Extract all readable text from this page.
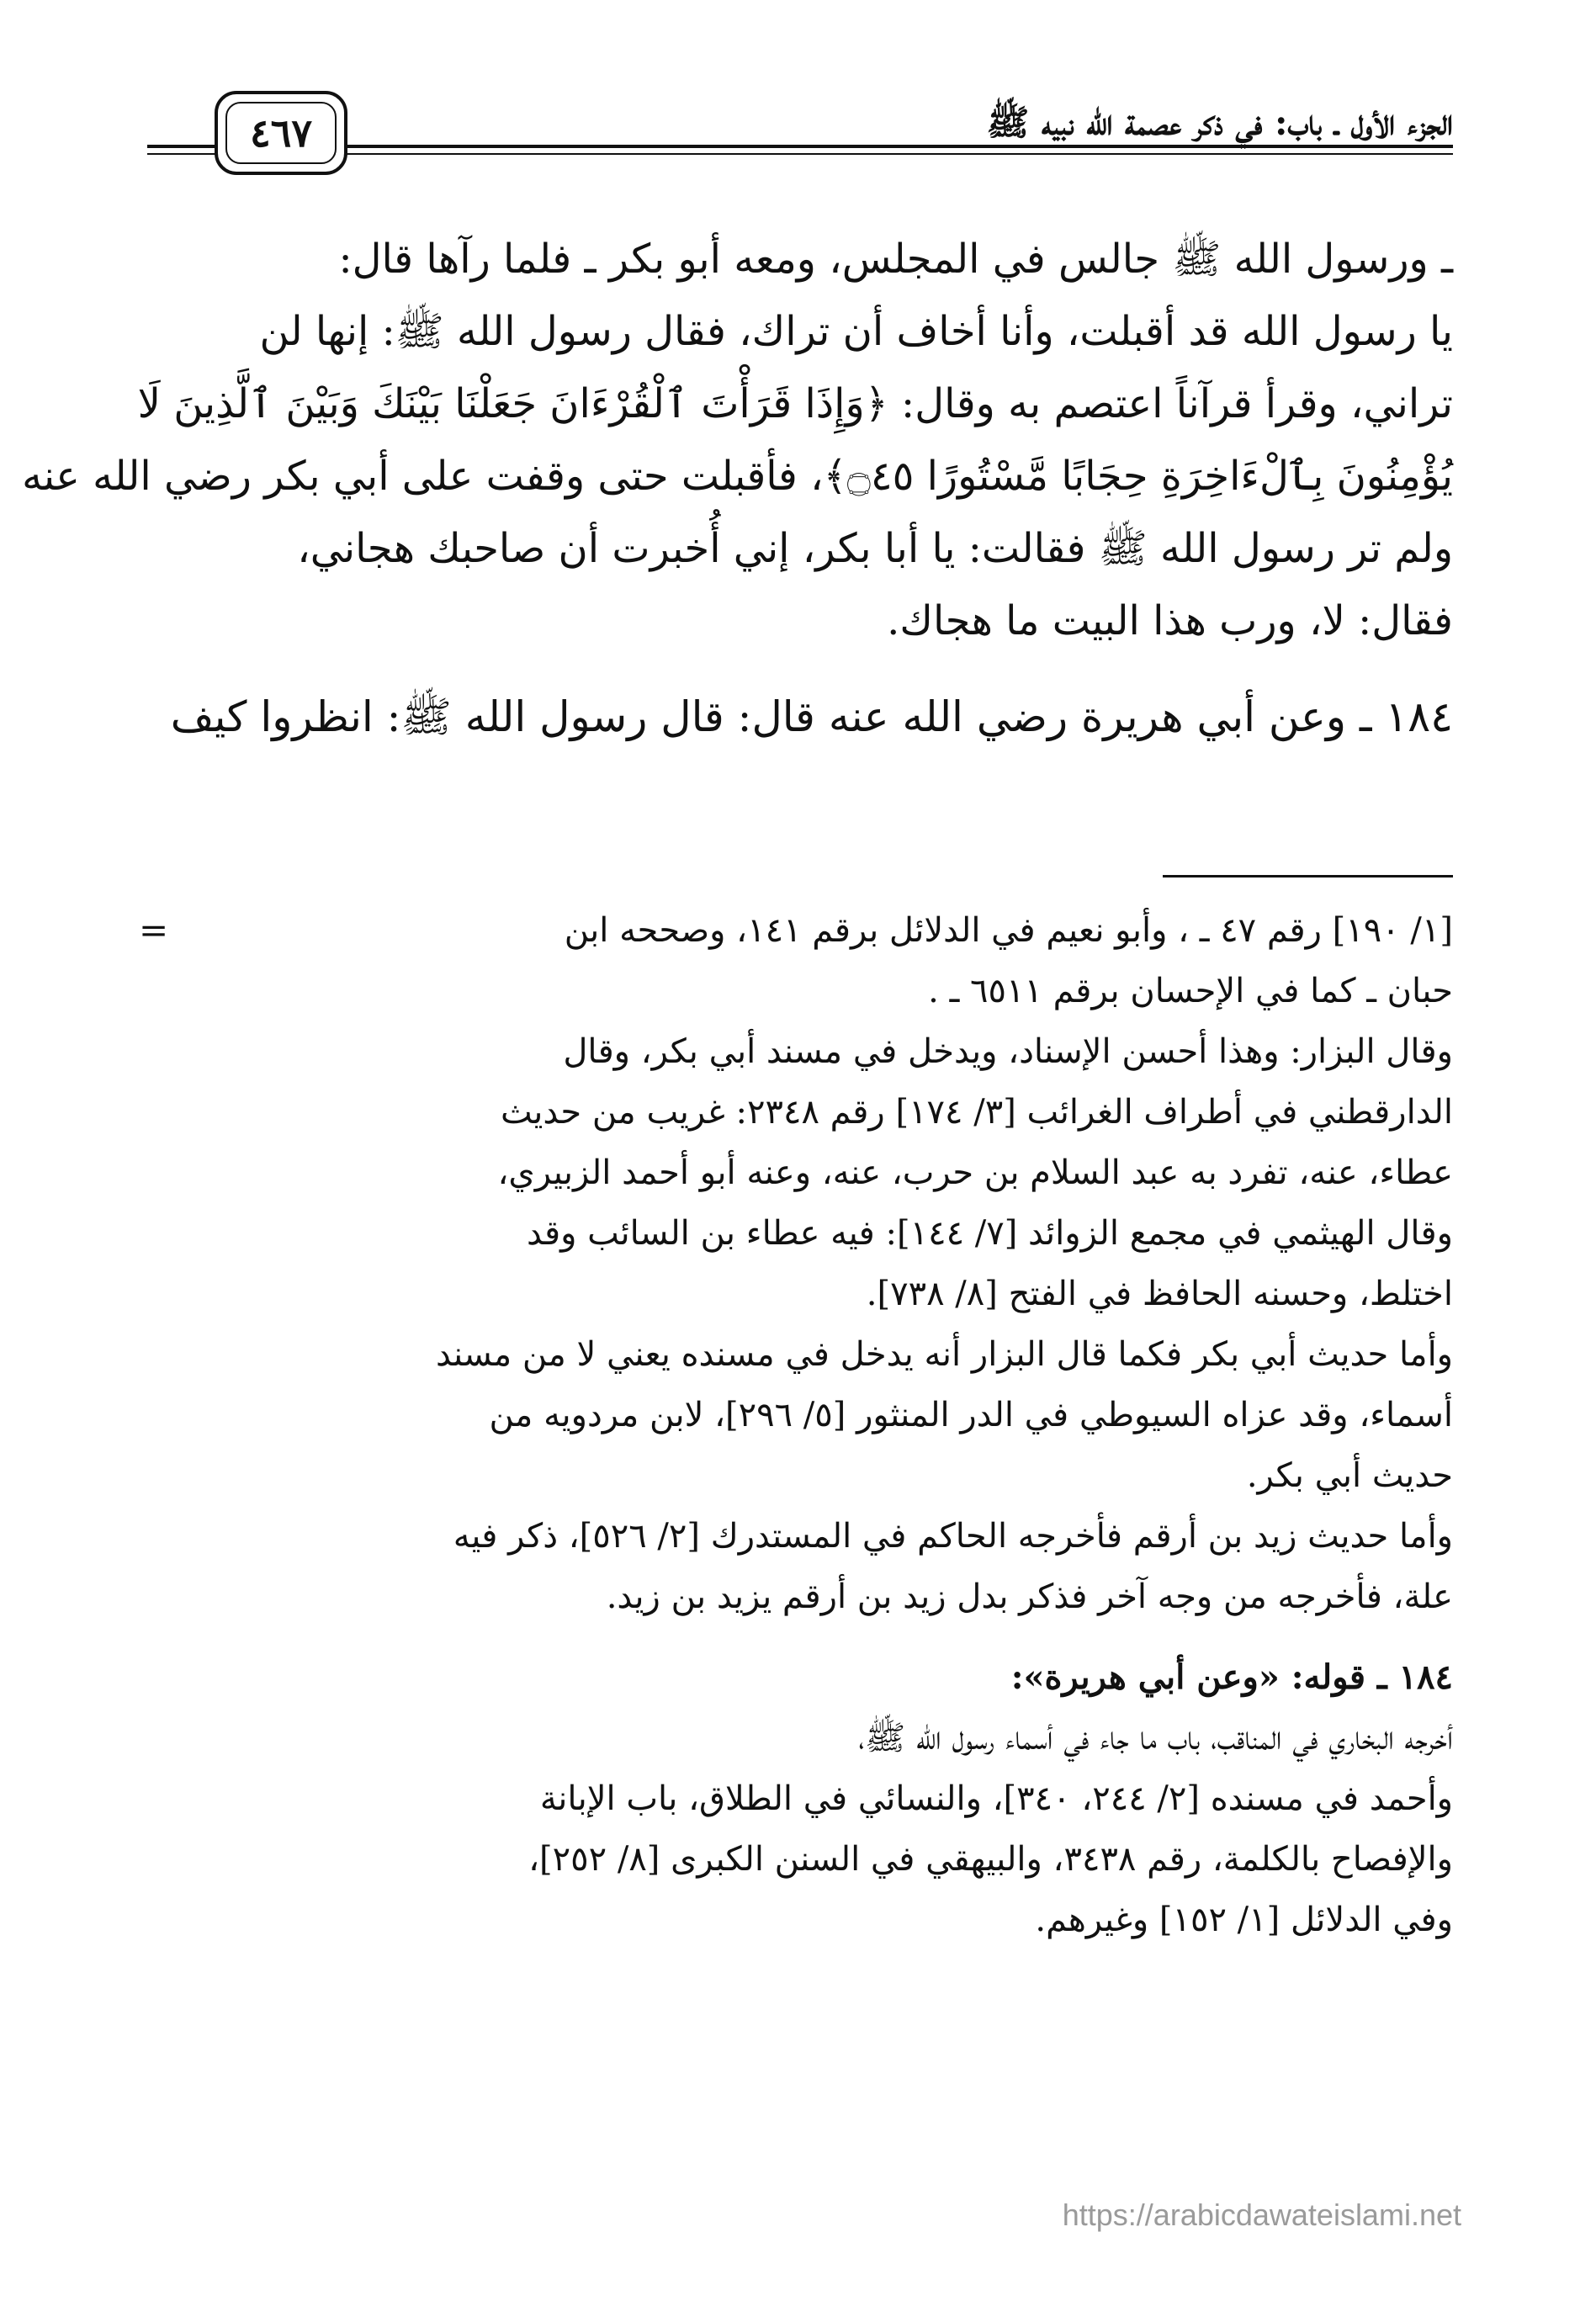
الجزء الأول ـ باب: في ذكر عصمة الله نبيه ﷺ
٤٦٧

ـ ورسول الله ﷺ جالس في المجلس، ومعه أبو بكر ـ فلما رآها قال:

يا رسول الله قد أقبلت، وأنا أخاف أن تراك، فقال رسول الله ﷺ: إنها لن

تراني، وقرأ قرآناً اعتصم به وقال: ﴿وَإِذَا قَرَأْتَ ٱلْقُرْءَانَ جَعَلْنَا بَيْنَكَ وَبَيْنَ ٱلَّذِينَ لَا

يُؤْمِنُونَ بِٱلْءَاخِرَةِ حِجَابًا مَّسْتُورًا ۝٤٥﴾، فأقبلت حتى وقفت على أبي بكر رضي الله عنه

ولم تر رسول الله ﷺ فقالت: يا أبا بكر، إني أُخبرت أن صاحبك هجاني،

فقال: لا، ورب هذا البيت ما هجاك.

١٨٤ ـ وعن أبي هريرة رضي الله عنه قال: قال رسول الله ﷺ: انظروا كيف

=	[١/ ١٩٠] رقم ٤٧ ـ ، وأبو نعيم في الدلائل برقم ١٤١، وصححه ابن

حبان ـ كما في الإحسان برقم ٦٥١١ ـ .

وقال البزار: وهذا أحسن الإسناد، ويدخل في مسند أبي بكر، وقال

الدارقطني في أطراف الغرائب [٣/ ١٧٤] رقم ٢٣٤٨: غريب من حديث

عطاء، عنه، تفرد به عبد السلام بن حرب، عنه، وعنه أبو أحمد الزبيري،

وقال الهيثمي في مجمع الزوائد [٧/ ١٤٤]: فيه عطاء بن السائب وقد

اختلط، وحسنه الحافظ في الفتح [٨/ ٧٣٨].

وأما حديث أبي بكر فكما قال البزار أنه يدخل في مسنده يعني لا من مسند

أسماء، وقد عزاه السيوطي في الدر المنثور [٥/ ٢٩٦]، لابن مردويه من

حديث أبي بكر.

وأما حديث زيد بن أرقم فأخرجه الحاكم في المستدرك [٢/ ٥٢٦]، ذكر فيه

علة، فأخرجه من وجه آخر فذكر بدل زيد بن أرقم يزيد بن زيد.

١٨٤ ـ قوله: «وعن أبي هريرة»:

أخرجه البخاري في المناقب، باب ما جاء في أسماء رسول الله ﷺ،

وأحمد في مسنده [٢/ ٢٤٤، ٣٤٠]، والنسائي في الطلاق، باب الإبانة

والإفصاح بالكلمة، رقم ٣٤٣٨، والبيهقي في السنن الكبرى [٨/ ٢٥٢]،

وفي الدلائل [١/ ١٥٢] وغيرهم.

https://arabicdawateislami.net
